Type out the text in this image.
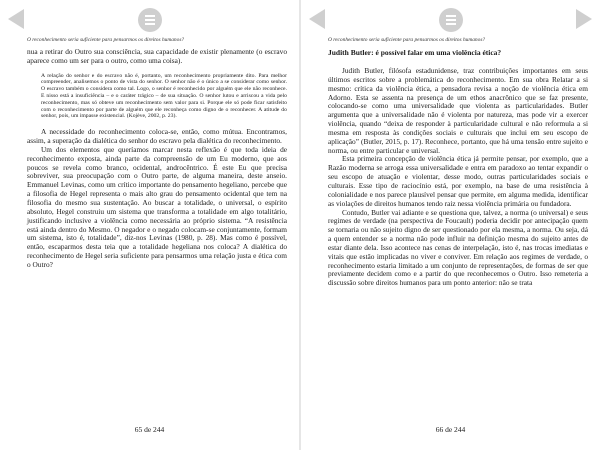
O reconhecimento seria suficiente para pensarmos os direitos humanos?

nua a retirar do Outro sua consciência, sua capacidade de existir plenamente (o escravo aparece como um ser para o outro, como uma coisa).

A relação do senhor e do escravo não é, portanto, um reconhecimento propriamente dito. Para melhor compreender, analisemos o ponto de vista do senhor. O senhor não é o único a se considerar como senhor. O escravo também o considera como tal. Logo, o senhor é reconhecido por alguém que ele não reconhece. E nisso está a insuficiência – e o caráter trágico – de sua situação. O senhor lutou e arriscou a vida pelo reconhecimento, mas só obteve um reconhecimento sem valor para si. Porque ele só pode ficar satisfeito com o reconhecimento por parte de alguém que ele reconheça como digno de o reconhecer. A atitude do senhor, pois, um impasse existencial. (Kojève, 2002, p. 23).

A necessidade do reconhecimento coloca-se, então, como mútua. Encontramos, assim, a superação da dialética do senhor do escravo pela dialética do reconhecimento.

Um dos elementos que queríamos marcar nesta reflexão é que toda ideia de reconhecimento exposta, ainda parte da compreensão de um Eu moderno, que aos poucos se revela como branco, ocidental, androcêntrico. É este Eu que precisa sobreviver, sua preocupação com o Outro parte, de alguma maneira, deste anseio. Emmanuel Levinas, como um crítico importante do pensamento hegeliano, percebe que a filosofia de Hegel representa o mais alto grau do pensamento ocidental que tem na filosofia do mesmo sua sustentação. Ao buscar a totalidade, o universal, o espírito absoluto, Hegel construiu um sistema que transforma a totalidade em algo totalitário, justificando inclusive a violência como necessária ao próprio sistema. “A resistência está ainda dentro do Mesmo. O negador e o negado colocam-se conjuntamente, formam um sistema, isto é, totalidade”, diz-nos Levinas (1980, p. 28). Mas como é possível, então, escaparmos desta teia que a totalidade hegeliana nos coloca? A dialética do reconhecimento de Hegel seria suficiente para pensarmos uma relação justa e ética com o Outro?

65 de 244
O reconhecimento seria suficiente para pensarmos os direitos humanos?
Judith Butler: é possível falar em uma violência ética?

Judith Butler, filósofa estadunidense, traz contribuições importantes em seus últimos escritos sobre a problemática do reconhecimento. Em sua obra Relatar a si mesmo: crítica da violência ética, a pensadora revisa a noção de violência ética em Adorno. Esta se assenta na presença de um ethos anacrônico que se faz presente, colocando-se como uma universalidade que violenta as particularidades. Butler argumenta que a universalidade não é violenta por natureza, mas pode vir a exercer violência, quando “deixa de responder à particularidade cultural e não reformula a si mesma em resposta às condições sociais e culturais que inclui em seu escopo de aplicação” (Butler, 2015, p. 17). Reconhece, portanto, que há uma tensão entre sujeito e norma, ou entre particular e universal.

Esta primeira concepção de violência ética já permite pensar, por exemplo, que a Razão moderna se arroga essa universalidade e entra em paradoxo ao tentar expandir o seu escopo de atuação e violentar, desse modo, outras particularidades sociais e culturais. Esse tipo de raciocínio está, por exemplo, na base de uma resistência à colonialidade e nos parece plausível pensar que permite, em alguma medida, identificar as violações de direitos humanos tendo raiz nessa violência primária ou fundadora.

Contudo, Butler vai adiante e se questiona que, talvez, a norma (o universal) e seus regimes de verdade (na perspectiva de Foucault) poderia decidir por antecipação quem se tornaria ou não sujeito digno de ser questionado por ela mesma, a norma. Ou seja, dá a quem entender se a norma não pode influir na definição mesma do sujeito antes de estar diante dela. Isso acontece nas cenas de interpelação, isto é, nas trocas imediatas e vitais que estão implicadas no viver e conviver. Em relação aos regimes de verdade, o reconhecimento estaria limitado a um conjunto de representações, de formas de ser que previamente decidem como e a partir do que reconhecemos o Outro. Isso remeteria a discussão sobre direitos humanos para um ponto anterior: não se trata

66 de 244
